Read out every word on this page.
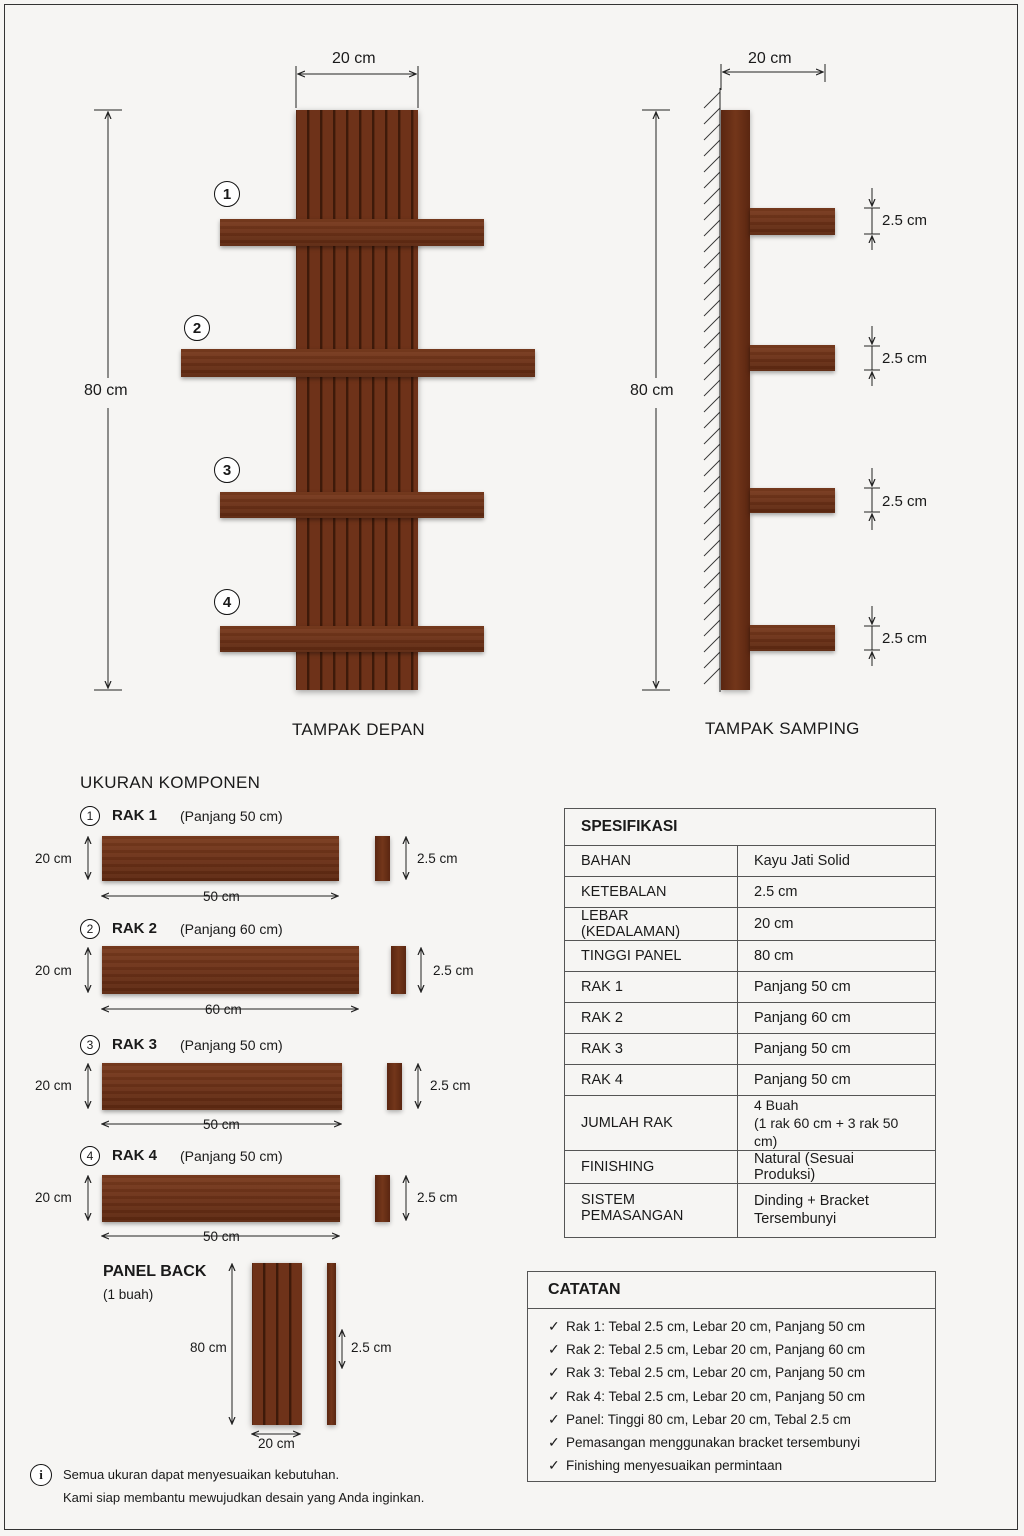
20 cm
80 cm
1
2
3
4
TAMPAK DEPAN
20 cm
80 cm
2.5 cm
2.5 cm
2.5 cm
2.5 cm
TAMPAK SAMPING
UKURAN KOMPONEN
1	RAK 1 (Panjang 50 cm)
20 cm	2.5 cm
50 cm
2	RAK 2 (Panjang 60 cm)
20 cm	2.5 cm
60 cm
3	RAK 3 (Panjang 50 cm)
20 cm	2.5 cm
50 cm
4	RAK 4 (Panjang 50 cm)
20 cm	2.5 cm
50 cm
PANEL BACK
(1 buah)
80 cm	2.5 cm
20 cm
SPESIFIKASI	
BAHAN	Kayu Jati Solid
KETEBALAN	2.5 cm
LEBAR (KEDALAMAN)	20 cm
TINGGI PANEL	80 cm
RAK 1	Panjang 50 cm
RAK 2	Panjang 60 cm
RAK 3	Panjang 50 cm
RAK 4	Panjang 50 cm
JUMLAH RAK	4 Buah
(1 rak 60 cm + 3 rak 50 cm)

FINISHING	Natural (Sesuai Produksi)
SISTEM PEMASANGAN	Dinding + Bracket
Tersembunyi
CATATAN
✓ Rak 1: Tebal 2.5 cm, Lebar 20 cm, Panjang 50 cm
✓ Rak 2: Tebal 2.5 cm, Lebar 20 cm, Panjang 60 cm
✓ Rak 3: Tebal 2.5 cm, Lebar 20 cm, Panjang 50 cm
✓ Rak 4: Tebal 2.5 cm, Lebar 20 cm, Panjang 50 cm
✓ Panel: Tinggi 80 cm, Lebar 20 cm, Tebal 2.5 cm
✓ Pemasangan menggunakan bracket tersembunyi
✓ Finishing menyesuaikan permintaan
i	Semua ukuran dapat menyesuaikan kebutuhan.
Kami siap membantu mewujudkan desain yang Anda inginkan.
